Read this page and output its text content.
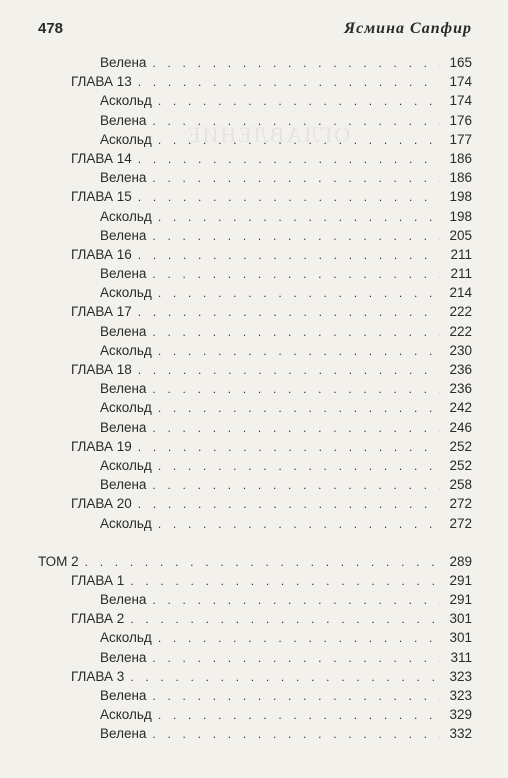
ОГЛАВЛЕНИЕ
478	Ясмина Сапфир
Велена . . .	165
ГЛАВА 13 . . .	174
Аскольд . . .	174
Велена . . .	176
Аскольд . . .	177
ГЛАВА 14 . . .	186
Велена . . .	186
ГЛАВА 15 . . .	198
Аскольд . . .	198
Велена . . .	205
ГЛАВА 16 . . .	211
Велена . . .	211
Аскольд . . .	214
ГЛАВА 17 . . .	222
Велена . . .	222
Аскольд . . .	230
ГЛАВА 18 . . .	236
Велена . . .	236
Аскольд . . .	242
Велена . . .	246
ГЛАВА 19 . . .	252
Аскольд . . .	252
Велена . . .	258
ГЛАВА 20 . . .	272
Аскольд . . .	272
ТОМ 2 . . .	289
ГЛАВА 1 . . .	291
Велена . . .	291
ГЛАВА 2 . . .	301
Аскольд . . .	301
Велена . . .	311
ГЛАВА 3 . . .	323
Велена . . .	323
Аскольд . . .	329
Велена . . .	332
